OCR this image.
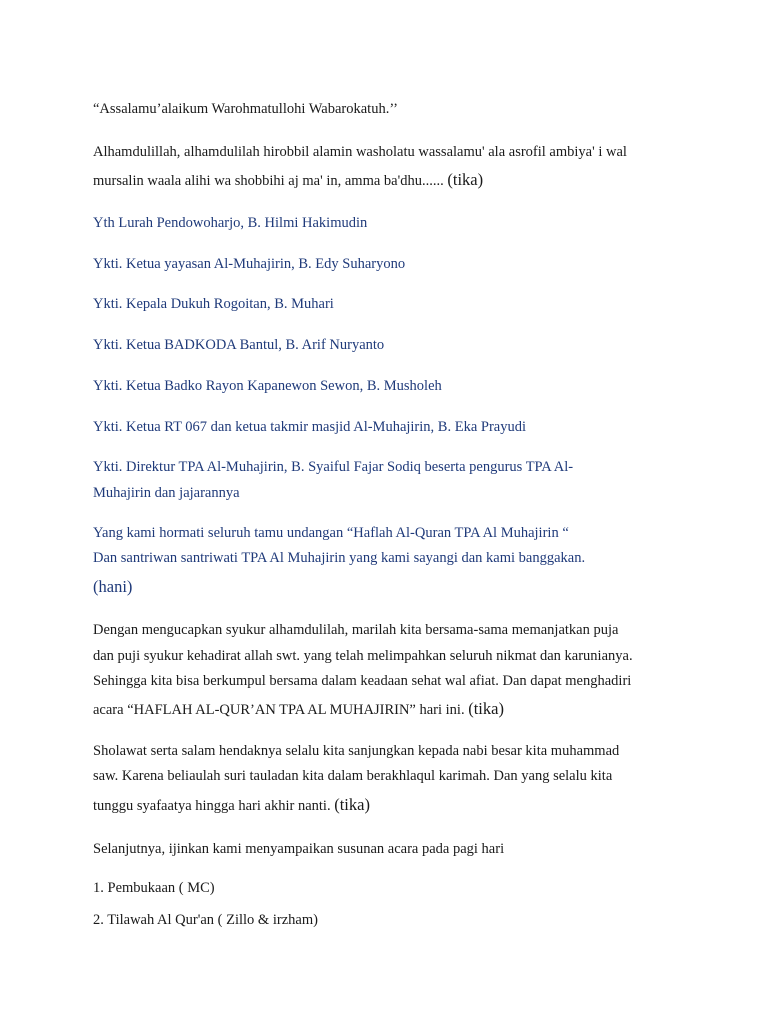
“Assalamu’alaikum Warohmatullohi Wabarokatuh.’’
Alhamdulillah, alhamdulilah hirobbil alamin washolatu wassalamu' ala asrofil ambiya' i wal
mursalin waala alihi wa shobbihi aj ma' in, amma ba'dhu...... (tika)
Yth Lurah Pendowoharjo, B. Hilmi Hakimudin
Ykti. Ketua yayasan Al-Muhajirin, B. Edy Suharyono
Ykti. Kepala Dukuh Rogoitan, B. Muhari
Ykti. Ketua BADKODA Bantul, B. Arif Nuryanto
Ykti. Ketua Badko Rayon Kapanewon Sewon, B. Musholeh
Ykti. Ketua RT 067 dan ketua takmir masjid Al-Muhajirin, B. Eka Prayudi
Ykti. Direktur TPA Al-Muhajirin, B. Syaiful Fajar Sodiq beserta pengurus TPA Al-
Muhajirin dan jajarannya
Yang kami hormati seluruh tamu undangan “Haflah Al-Quran TPA Al Muhajirin “
Dan santriwan santriwati TPA Al Muhajirin yang kami sayangi dan kami banggakan.
(hani)
Dengan mengucapkan syukur alhamdulilah, marilah kita bersama-sama memanjatkan puja
dan puji syukur kehadirat allah swt. yang telah melimpahkan seluruh nikmat dan karunianya.
Sehingga kita bisa berkumpul bersama dalam keadaan sehat wal afiat. Dan dapat menghadiri
acara “HAFLAH AL-QUR’AN TPA AL MUHAJIRIN” hari ini. (tika)
Sholawat serta salam hendaknya selalu kita sanjungkan kepada nabi besar kita muhammad
saw. Karena beliaulah suri tauladan kita dalam berakhlaqul karimah. Dan yang selalu kita
tunggu syafaatya hingga hari akhir nanti. (tika)
Selanjutnya, ijinkan kami menyampaikan susunan acara pada pagi hari
1. Pembukaan ( MC)
2. Tilawah Al Qur'an ( Zillo & irzham)
